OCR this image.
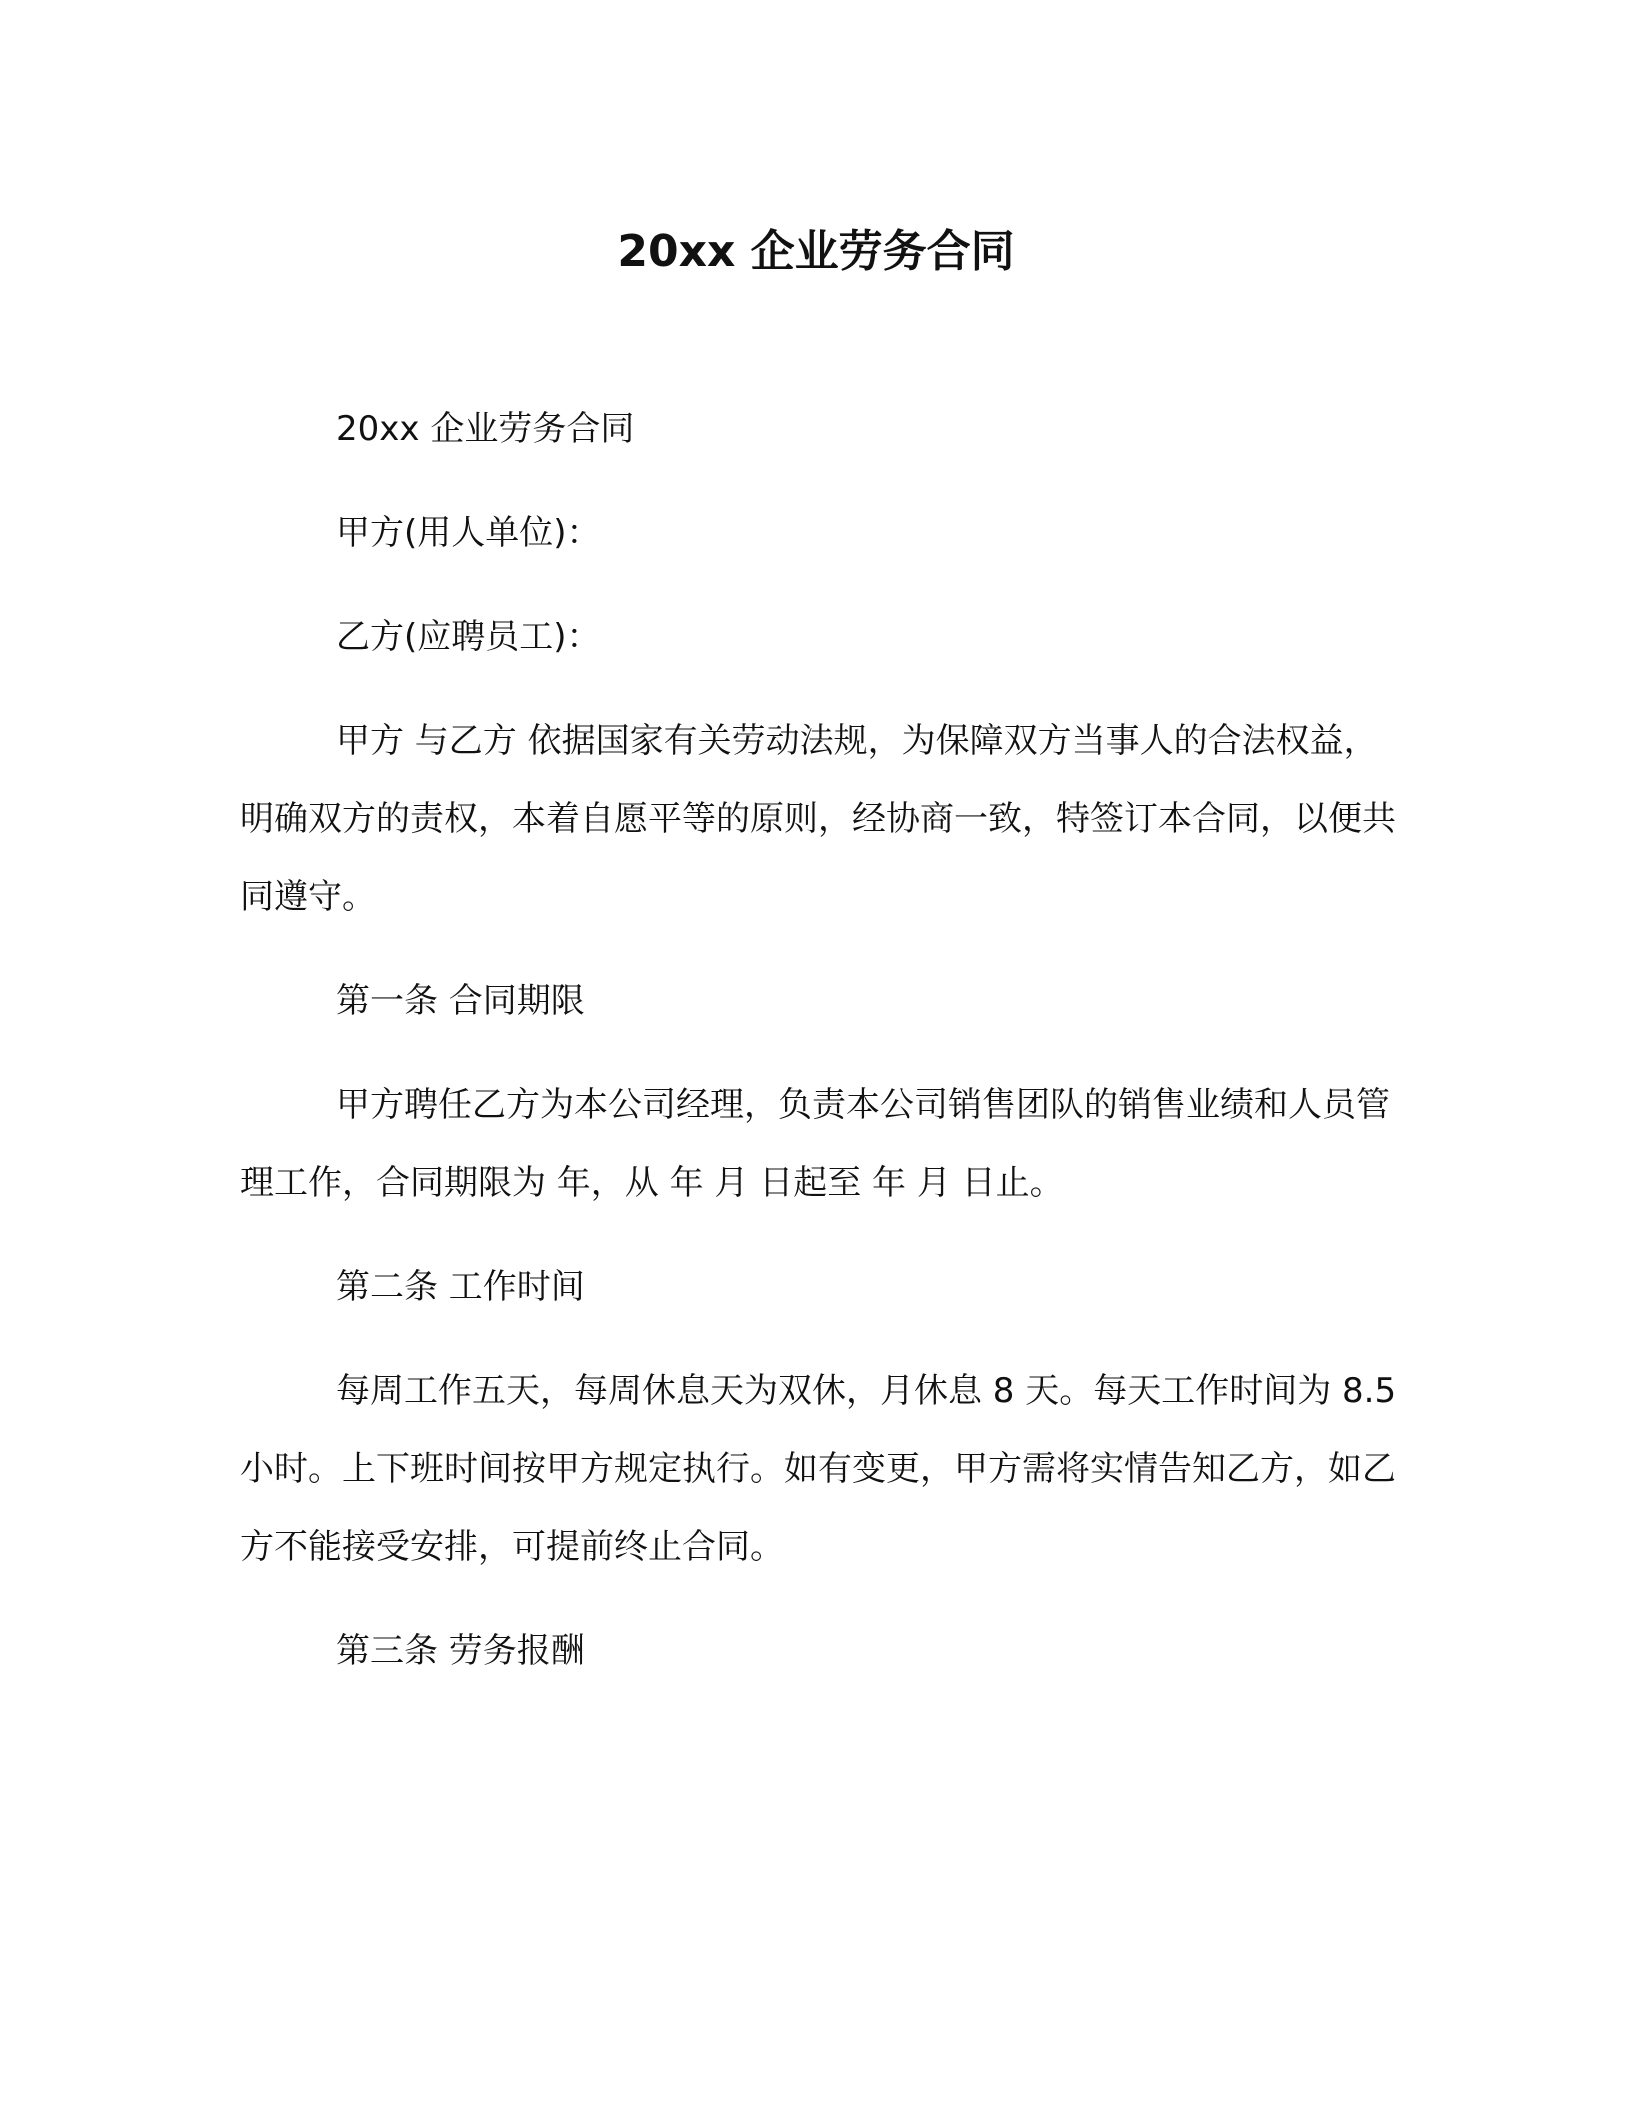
20xx 企业劳务合同

20xx 企业劳务合同

甲方(用人单位)：

乙方(应聘员工)：

甲方 与乙方 依据国家有关劳动法规，为保障双方当事人的合法权益，明确双方的责权，本着自愿平等的原则，经协商一致，特签订本合同，以便共同遵守。

第一条 合同期限

甲方聘任乙方为本公司经理，负责本公司销售团队的销售业绩和人员管理工作，合同期限为 年，从 年 月 日起至 年 月 日止。

第二条 工作时间

每周工作五天，每周休息天为双休，月休息 8 天。每天工作时间为 8.5 小时。上下班时间按甲方规定执行。如有变更，甲方需将实情告知乙方，如乙方不能接受安排，可提前终止合同。

第三条 劳务报酬
